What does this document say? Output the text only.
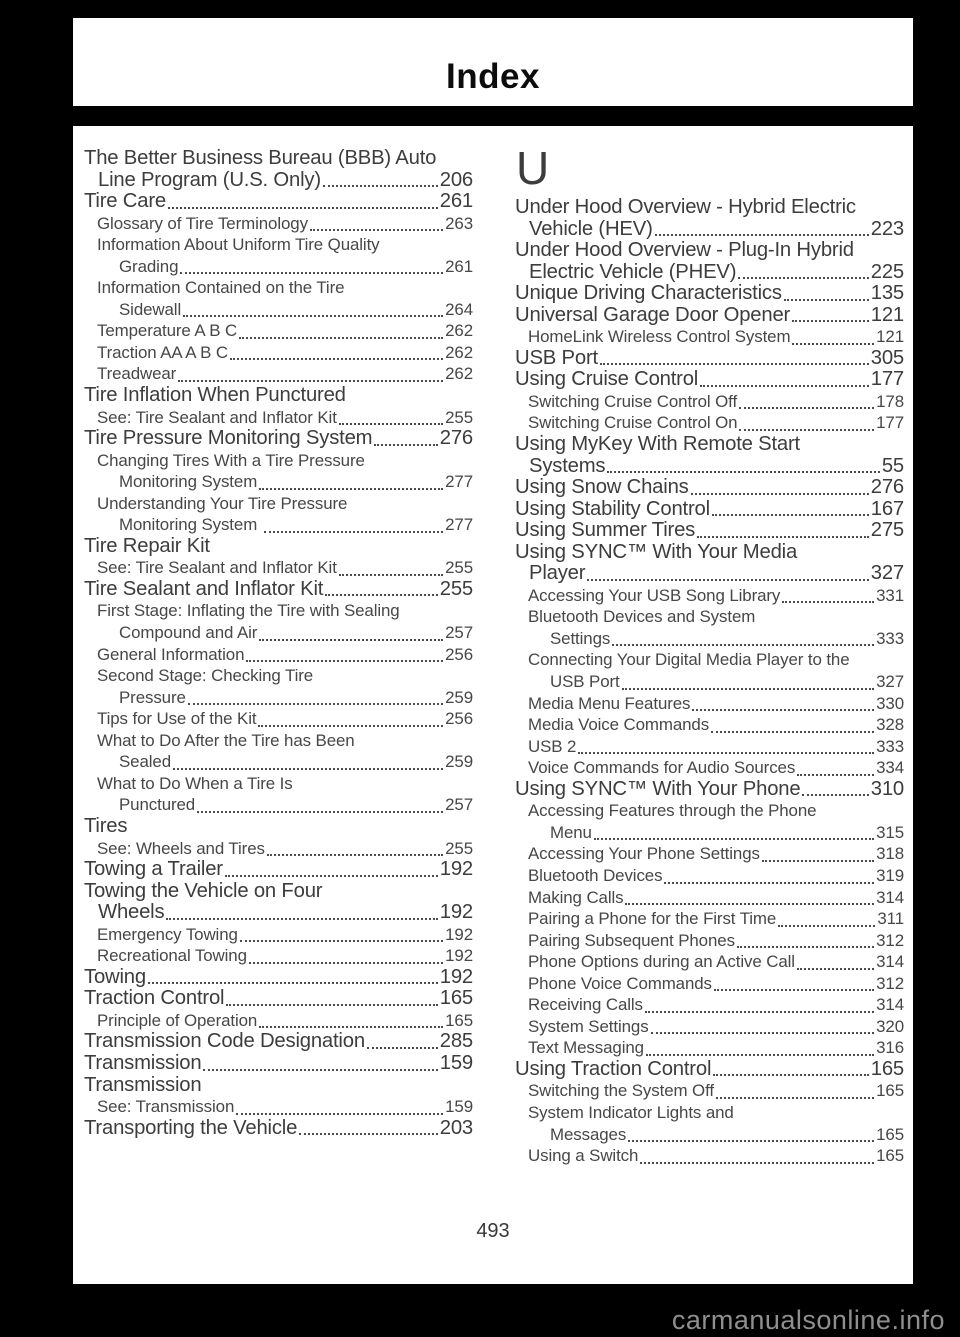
Index
The Better Business Bureau (BBB) Auto
Line Program (U.S. Only)	206
Tire Care	261
Glossary of Tire Terminology	263
Information About Uniform Tire Quality
Grading	261
Information Contained on the Tire
Sidewall	264
Temperature A B C	262
Traction AA A B C	262
Treadwear	262
Tire Inflation When Punctured
See: Tire Sealant and Inflator Kit	255
Tire Pressure Monitoring System	276
Changing Tires With a Tire Pressure
Monitoring System	277
Understanding Your Tire Pressure
Monitoring System	277
Tire Repair Kit
See: Tire Sealant and Inflator Kit	255
Tire Sealant and Inflator Kit	255
First Stage: Inflating the Tire with Sealing
Compound and Air	257
General Information	256
Second Stage: Checking Tire
Pressure	259
Tips for Use of the Kit	256
What to Do After the Tire has Been
Sealed	259
What to Do When a Tire Is
Punctured	257
Tires
See: Wheels and Tires	255
Towing a Trailer	192
Towing the Vehicle on Four
Wheels	192
Emergency Towing	192
Recreational Towing	192
Towing	192
Traction Control	165
Principle of Operation	165
Transmission Code Designation	285
Transmission	159
Transmission
See: Transmission	159
Transporting the Vehicle	203
U
Under Hood Overview - Hybrid Electric
Vehicle (HEV)	223
Under Hood Overview - Plug-In Hybrid
Electric Vehicle (PHEV)	225
Unique Driving Characteristics	135
Universal Garage Door Opener	121
HomeLink Wireless Control System	121
USB Port	305
Using Cruise Control	177
Switching Cruise Control Off	178
Switching Cruise Control On	177
Using MyKey With Remote Start
Systems	55
Using Snow Chains	276
Using Stability Control	167
Using Summer Tires	275
Using SYNC™ With Your Media
Player	327
Accessing Your USB Song Library	331
Bluetooth Devices and System
Settings	333
Connecting Your Digital Media Player to the
USB Port	327
Media Menu Features	330
Media Voice Commands	328
USB 2	333
Voice Commands for Audio Sources	334
Using SYNC™ With Your Phone	310
Accessing Features through the Phone
Menu	315
Accessing Your Phone Settings	318
Bluetooth Devices	319
Making Calls	314
Pairing a Phone for the First Time	311
Pairing Subsequent Phones	312
Phone Options during an Active Call	314
Phone Voice Commands	312
Receiving Calls	314
System Settings	320
Text Messaging	316
Using Traction Control	165
Switching the System Off	165
System Indicator Lights and
Messages	165
Using a Switch	165
493
carmanualsonline.info
